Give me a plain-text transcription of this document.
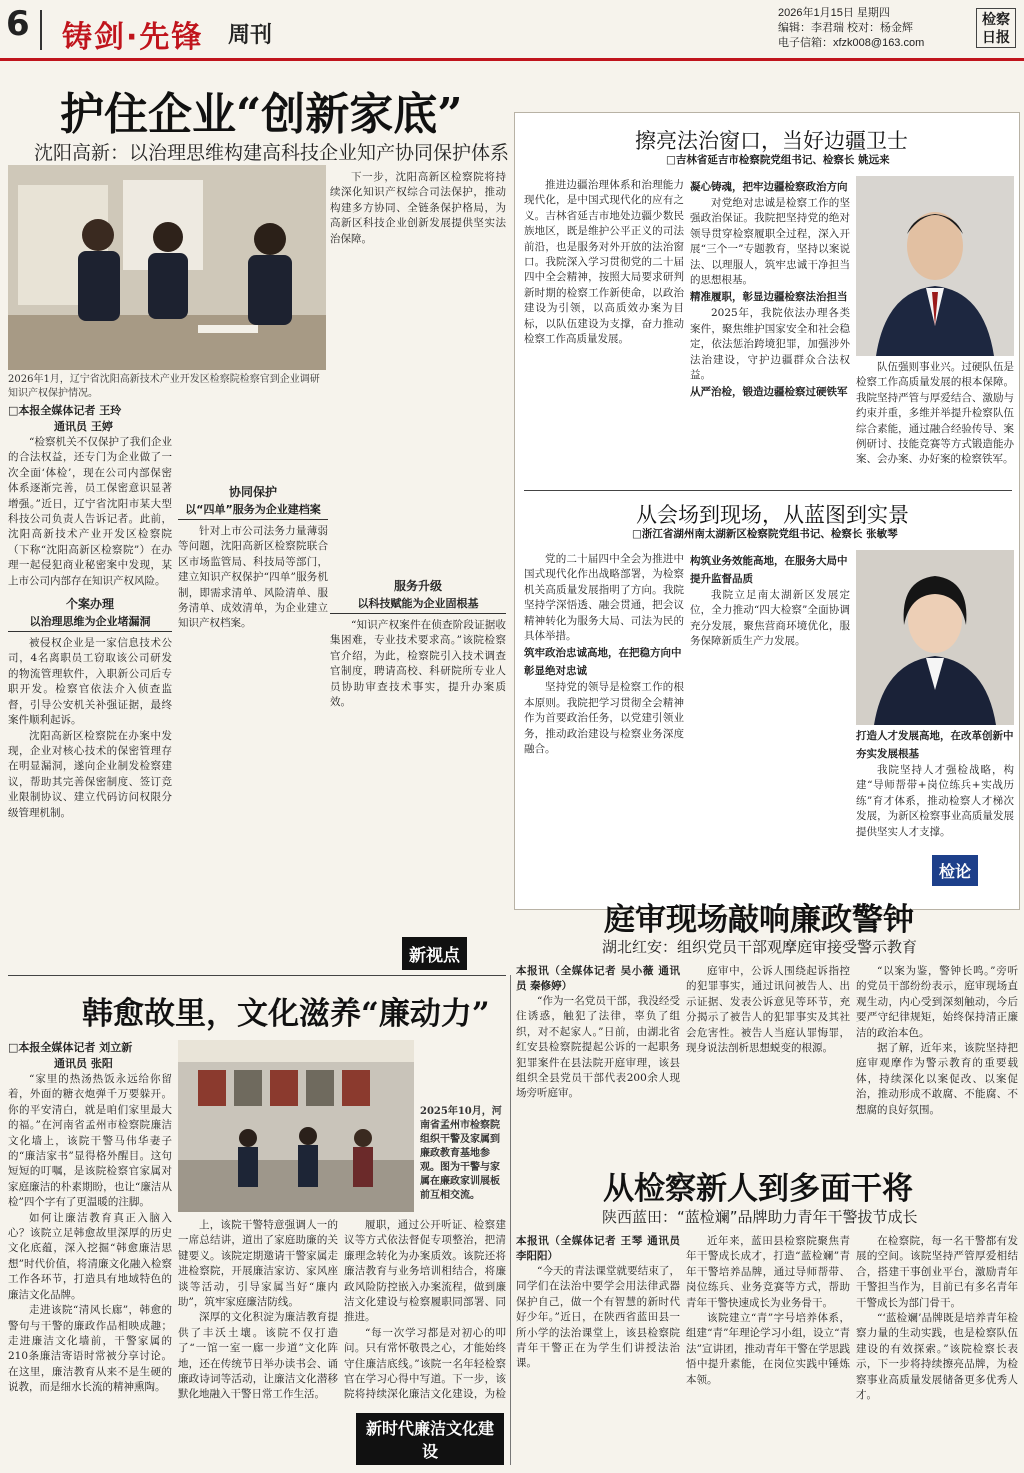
6 铸剑·先锋 周刊
2026年1月15日 星期四
编辑：李君瑞 校对：杨金辉
电子信箱：xfzk008@163.com
检察日报
护住企业“创新家底”
沈阳高新：以治理思维构建高科技企业知产协同保护体系
2026年1月，辽宁省沈阳高新技术产业开发区检察院检察官到企业调研知识产权保护情况。
□本报全媒体记者 王玲
通讯员 王婷

“检察机关不仅保护了我们企业的合法权益，还专门为企业做了一次全面‘体检’，现在公司内部保密体系逐渐完善，员工保密意识显著增强。”近日，辽宁省沈阳市某大型科技公司负责人告诉记者。此前，沈阳高新技术产业开发区检察院（下称“沈阳高新区检察院”）在办理一起侵犯商业秘密案中发现，某上市公司内部存在知识产权风险。

个案办理
以治理思维为企业堵漏洞

被侵权企业是一家信息技术公司，4名离职员工窃取该公司研发的物流管理软件，入职新公司后专职开发。检察官依法介入侦查监督，引导公安机关补强证据，最终案件顺利起诉。

沈阳高新区检察院在办案中发现，企业对核心技术的保密管理存在明显漏洞，遂向企业制发检察建议，帮助其完善保密制度、签订竞业限制协议、建立代码访问权限分级管理机制。

协同保护
以“四单”服务为企业建档案

针对上市公司法务力量薄弱等问题，沈阳高新区检察院联合区市场监管局、科技局等部门，建立知识产权保护“四单”服务机制，即需求清单、风险清单、服务清单、成效清单，为企业建立知识产权档案。

下一步，沈阳高新区检察院将持续深化知识产权综合司法保护，推动构建多方协同、全链条保护格局，为高新区科技企业创新发展提供坚实法治保障。

服务升级
以科技赋能为企业固根基

“知识产权案件在侦查阶段证据收集困难，专业技术要求高。”该院检察官介绍，为此，检察院引入技术调查官制度，聘请高校、科研院所专业人员协助审查技术事实，提升办案质效。

新视点
擦亮法治窗口，当好边疆卫士
□吉林省延吉市检察院党组书记、检察长 姚远来

推进边疆治理体系和治理能力现代化，是中国式现代化的应有之义。吉林省延吉市地处边疆少数民族地区，既是维护公平正义的司法前沿，也是服务对外开放的法治窗口。我院深入学习贯彻党的二十届四中全会精神，按照大局要求研判新时期的检察工作新使命，以政治建设为引领，以高质效办案为目标，以队伍建设为支撑，奋力推动检察工作高质量发展。

凝心铸魂，把牢边疆检察政治方向

对党绝对忠诚是检察工作的坚强政治保证。我院把坚持党的绝对领导贯穿检察履职全过程，深入开展“三个一”专题教育，坚持以案说法、以理服人，筑牢忠诚干净担当的思想根基。

精准履职，彰显边疆检察法治担当

2025年，我院依法办理各类案件，聚焦维护国家安全和社会稳定，依法惩治跨境犯罪，加强涉外法治建设，守护边疆群众合法权益。

从严治检，锻造边疆检察过硬铁军

队伍强则事业兴。过硬队伍是检察工作高质量发展的根本保障。我院坚持严管与厚爱结合、激励与约束并重，多维并举提升检察队伍综合素能，通过融合经验传导、案例研讨、技能竞赛等方式锻造能办案、会办案、办好案的检察铁军。

从会场到现场，从蓝图到实景
□浙江省湖州南太湖新区检察院党组书记、检察长 张敏琴

党的二十届四中全会为推进中国式现代化作出战略部署，为检察机关高质量发展指明了方向。我院坚持学深悟透、融会贯通，把会议精神转化为服务大局、司法为民的具体举措。

筑牢政治忠诚高地，在把稳方向中彰显绝对忠诚

坚持党的领导是检察工作的根本原则。我院把学习贯彻全会精神作为首要政治任务，以党建引领业务，推动政治建设与检察业务深度融合。

构筑业务效能高地，在服务大局中提升监督品质

我院立足南太湖新区发展定位，全力推动“四大检察”全面协调充分发展，聚焦营商环境优化，服务保障新质生产力发展。

打造人才发展高地，在改革创新中夯实发展根基

我院坚持人才强检战略，构建“导师帮带+岗位练兵+实战历练”育才体系，推动检察人才梯次发展，为新区检察事业高质量发展提供坚实人才支撑。

检论
韩愈故里，文化滋养“廉动力”
□本报全媒体记者 刘立新
通讯员 张阳

“家里的热汤热饭永远给你留着，外面的糖衣炮弹千万要躲开。你的平安清白，就是咱们家里最大的福。”在河南省孟州市检察院廉洁文化墙上，该院干警马伟华妻子的“廉洁家书”显得格外醒目。这句短短的叮嘱，是该院检察官家属对家庭廉洁的朴素期盼，也让“廉洁从检”四个字有了更温暖的注脚。

如何让廉洁教育真正入脑入心？该院立足韩愈故里深厚的历史文化底蕴，深入挖掘“韩愈廉洁思想”时代价值，将清廉文化融入检察工作各环节，打造具有地域特色的廉洁文化品牌。

走进该院“清风长廊”，韩愈的警句与干警的廉政作品相映成趣；走进廉洁文化墙前，干警家属的210条廉洁寄语时常被分享讨论。在这里，廉洁教育从来不是生硬的说教，而是细水长流的精神熏陶。

2025年10月，河南省孟州市检察院组织干警及家属到廉政教育基地参观。图为干警与家属在廉政家训展板前互相交流。

上，该院干警特意强调人一的一席总结讲，道出了家庭助廉的关键要义。该院定期邀请干警家属走进检察院，开展廉洁家访、家风座谈等活动，引导家属当好“廉内助”，筑牢家庭廉洁防线。

深厚的文化积淀为廉洁教育提供了丰沃土壤。该院不仅打造了“一馆一室一廊一步道”文化阵地，还在传统节日举办读书会、诵廉政诗词等活动，让廉洁文化潜移默化地融入干警日常工作生活。

履职，通过公开听证、检察建议等方式依法督促专项整治，把清廉理念转化为办案质效。该院还将廉洁教育与业务培训相结合，将廉政风险防控嵌入办案流程，做到廉洁文化建设与检察履职同部署、同推进。

“每一次学习都是对初心的叩问。只有常怀敬畏之心，才能始终守住廉洁底线。”该院一名年轻检察官在学习心得中写道。下一步，该院将持续深化廉洁文化建设，为检

新时代廉洁文化建设
庭审现场敲响廉政警钟
湖北红安：组织党员干部观摩庭审接受警示教育
本报讯（全媒体记者 吴小薇 通讯员 秦修婷）

“作为一名党员干部，我没经受住诱惑，触犯了法律，辜负了组织，对不起家人。”日前，由湖北省红安县检察院提起公诉的一起职务犯罪案件在县法院开庭审理，该县组织全县党员干部代表200余人现场旁听庭审。

庭审中，公诉人围绕起诉指控的犯罪事实，通过讯问被告人、出示证据、发表公诉意见等环节，充分揭示了被告人的犯罪事实及其社会危害性。被告人当庭认罪悔罪，现身说法剖析思想蜕变的根源。

“以案为鉴，警钟长鸣。”旁听的党员干部纷纷表示，庭审现场直观生动，内心受到深刻触动，今后要严守纪律规矩，始终保持清正廉洁的政治本色。

据了解，近年来，该院坚持把庭审观摩作为警示教育的重要载体，持续深化以案促改、以案促治，推动形成不敢腐、不能腐、不想腐的良好氛围。

从检察新人到多面干将
陕西蓝田：“蓝检斓”品牌助力青年干警拔节成长
本报讯（全媒体记者 王琴 通讯员 李阳阳）

“今天的青法课堂就要结束了，同学们在法治中要学会用法律武器保护自己，做一个有智慧的新时代好少年。”近日，在陕西省蓝田县一所小学的法治课堂上，该县检察院青年干警正在为学生们讲授法治课。

近年来，蓝田县检察院聚焦青年干警成长成才，打造“蓝检斓”青年干警培养品牌，通过导师帮带、岗位练兵、业务竞赛等方式，帮助青年干警快速成长为业务骨干。

该院建立“青”字号培养体系，组建“青”年理论学习小组，设立“青法”宣讲团，推动青年干警在学思践悟中提升素能，在岗位实践中锤炼本领。

在检察院，每一名干警都有发展的空间。该院坚持严管厚爱相结合，搭建干事创业平台，激励青年干警担当作为，目前已有多名青年干警成长为部门骨干。

“‘蓝检斓’品牌既是培养青年检察力量的生动实践，也是检察队伍建设的有效探索。”该院检察长表示，下一步将持续擦亮品牌，为检察事业高质量发展储备更多优秀人才。
